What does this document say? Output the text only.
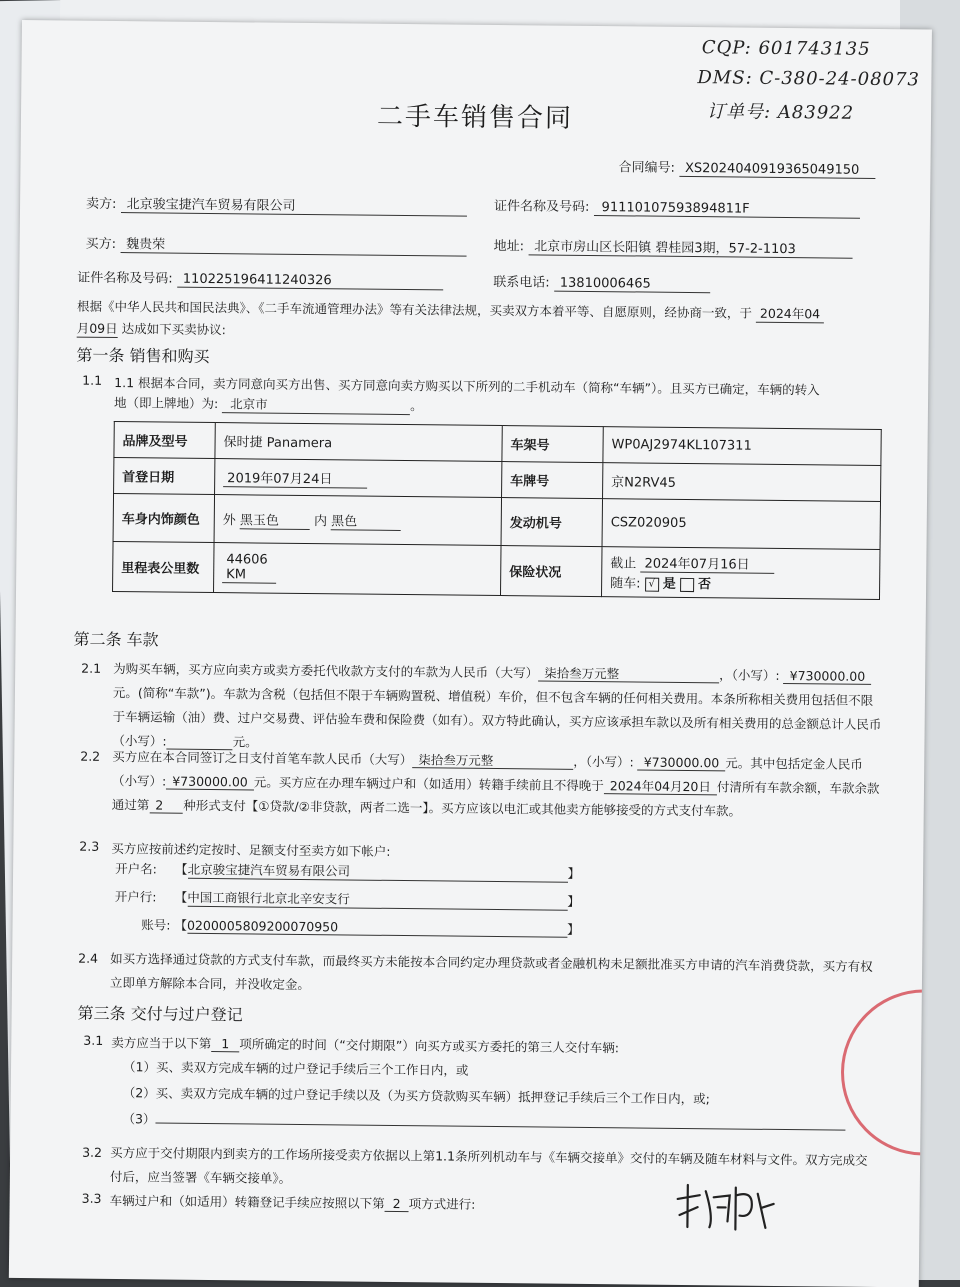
CQP: 601743135
DMS: C-380-24-08073
订单号: A83922
二手车销售合同
合同编号: XS2024040919365049150
卖方: 北京骏宝捷汽车贸易有限公司	证件名称及号码: 91110107593894811F
买方: 魏贵荣	地址: 北京市房山区长阳镇 碧桂园3期，57-2-1103
证件名称及号码: 110225196411240326	联系电话: 13810006465
根据《中华人民共和国民法典》、《二手车流通管理办法》等有关法律法规，买卖双方本着平等、自愿原则，经协商一致，于 2024年04
月09日 达成如下买卖协议:
第一条 销售和购买
1.1 1.1 根据本合同，卖方同意向买方出售、买方同意向卖方购买以下所列的二手机动车（简称“车辆”）。且买方已确定，车辆的转入
地（即上牌地）为: 北京市	。
品牌及型号	保时捷 Panamera	车架号	WP0AJ2974KL107311
首登日期	2019年07月24日	车牌号	京N2RV45
车身内饰颜色	外 黑玉色 内 黑色	发动机号	CSZ020905
里程表公里数	44606 KM	保险状况	截止 2024年07月16日
随车: √ 是 否
第二条 车款
2.1 为购买车辆，买方应向卖方或卖方委托代收款方支付的车款为人民币（大写） 柒拾叁万元整	，（小写）: ¥730000.00元。(简称“车款”)。车款为含税（包括但不限于车辆购置税、增值税）车价，但不包含车辆的任何相关费用。本条所称相关费用包括但不限于车辆运输（油）费、过户交易费、评估验车费和保险费（如有）。双方特此确认，买方应该承担车款以及所有相关费用的总金额总计人民币（小写）:	元。
2.2 买方应在本合同签订之日支付首笔车款人民币（大写） 柒拾叁万元整	，（小写）: ¥730000.00 元。其中包括定金人民币（小写）: ¥730000.00 元。买方应在办理车辆过户和（如适用）转籍手续前且不得晚于 2024年04月20日 付清所有车款余额，车款余款通过第 2 种形式支付【①贷款/②非贷款，两者二选一】。买方应该以电汇或其他卖方能够接受的方式支付车款。
2.3 买方应按前述约定按时、足额支付至卖方如下帐户:
开户名: 【北京骏宝捷汽车贸易有限公司	】
开户行: 【中国工商银行北京北辛安支行	】
账号: 【0200005809200070950	】
2.4 如买方选择通过贷款的方式支付车款，而最终买方未能按本合同约定办理贷款或者金融机构未足额批准买方申请的汽车消费贷款，买方有权立即单方解除本合同，并没收定金。
第三条 交付与过户登记
3.1 卖方应当于以下第 1 项所确定的时间（“交付期限”）向买方或买方委托的第三人交付车辆:
（1）买、卖双方完成车辆的过户登记手续后三个工作日内，或
（2）买、卖双方完成车辆的过户登记手续以及（为买方贷款购买车辆）抵押登记手续后三个工作日内，或;
（3）
3.2 买方应于交付期限内到卖方的工作场所接受卖方依据以上第1.1条所列机动车与《车辆交接单》交付的车辆及随车材料与文件。双方完成交付后，应当签署《车辆交接单》。
3.3 车辆过户和（如适用）转籍登记手续应按照以下第 2 项方式进行:
